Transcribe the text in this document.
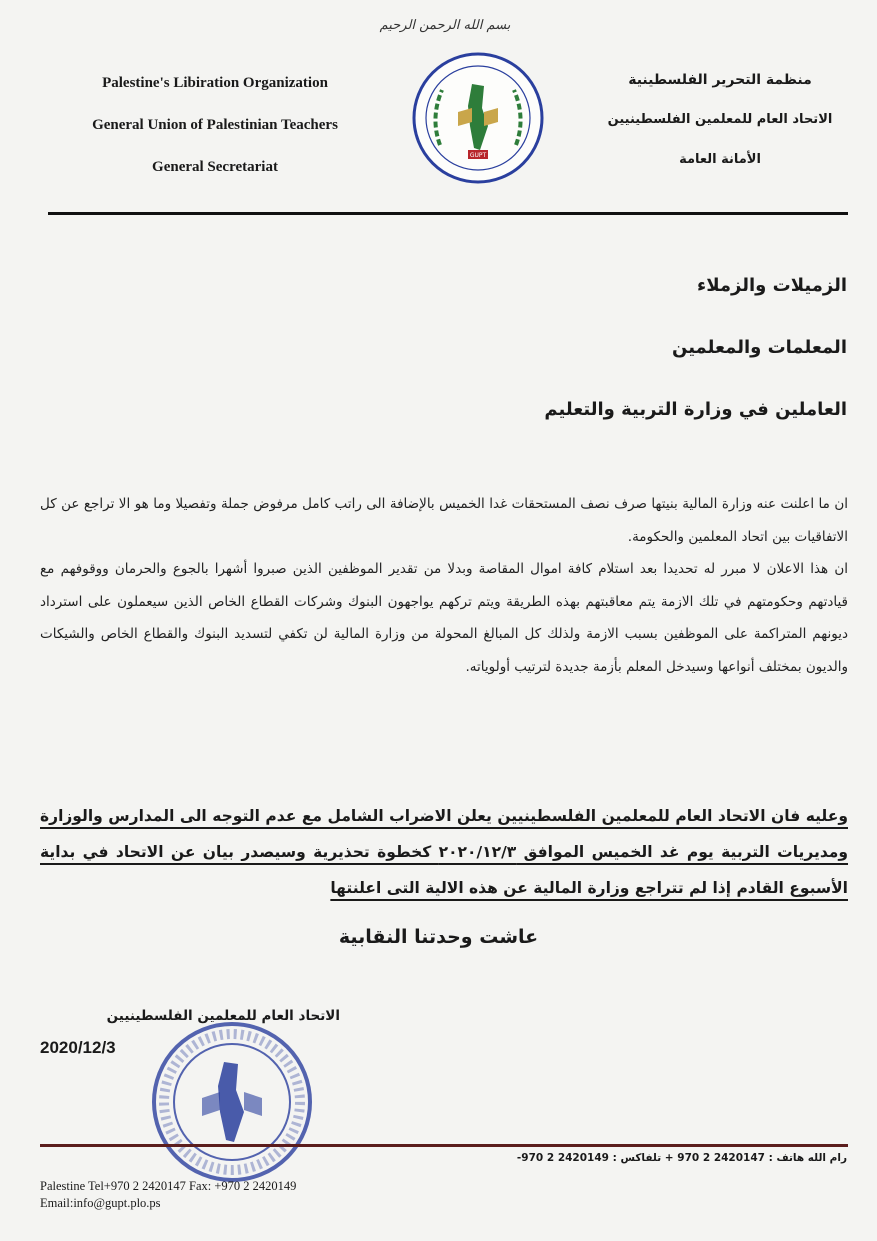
بسم الله الرحمن الرحيم
Palestine's Libiration Organization
General Union of Palestinian Teachers
General Secretariat
GUPT
منظمة التحرير الفلسطينية
الاتحاد العام للمعلمين الفلسطينيين
الأمانة العامة
الزميلات والزملاء
المعلمات والمعلمين
العاملين في وزارة التربية والتعليم

ان ما اعلنت عنه وزارة المالية بنيتها صرف نصف المستحقات غدا الخميس بالإضافة الى راتب كامل مرفوض جملة وتفصيلا وما هو الا تراجع عن كل الاتفاقيات بين اتحاد المعلمين والحكومة.

ان هذا الاعلان لا مبرر له تحديدا بعد استلام كافة اموال المقاصة وبدلا من تقدير الموظفين الذين صبروا أشهرا بالجوع والحرمان ووقوفهم مع قيادتهم وحكومتهم في تلك الازمة يتم معاقبتهم بهذه الطريقة ويتم تركهم يواجهون البنوك وشركات القطاع الخاص الذين سيعملون على استرداد ديونهم المتراكمة على الموظفين بسبب الازمة ولذلك كل المبالغ المحولة من وزارة المالية لن تكفي لتسديد البنوك والقطاع الخاص والشيكات والديون بمختلف أنواعها وسيدخل المعلم بأزمة جديدة لترتيب أولوياته.

وعليه فان الاتحاد العام للمعلمين الفلسطينيين يعلن الاضراب الشامل مع عدم التوجه الى المدارس والوزارة ومديريات التربية يوم غد الخميس الموافق ٢٠٢٠/١٢/٣ كخطوة تحذيرية وسيصدر بيان عن الاتحاد في بداية الأسبوع القادم إذا لم تتراجع وزارة المالية عن هذه الالية التى اعلنتها
عاشت وحدتنا النقابية
الاتحاد العام للمعلمين الفلسطينيين
2020/12/3
رام الله هاتف : 2420147 2 970 + تلفاكس : 2420149 2 970-
Palestine Tel+970 2 2420147 Fax: +970 2 2420149
Email:info@gupt.plo.ps
